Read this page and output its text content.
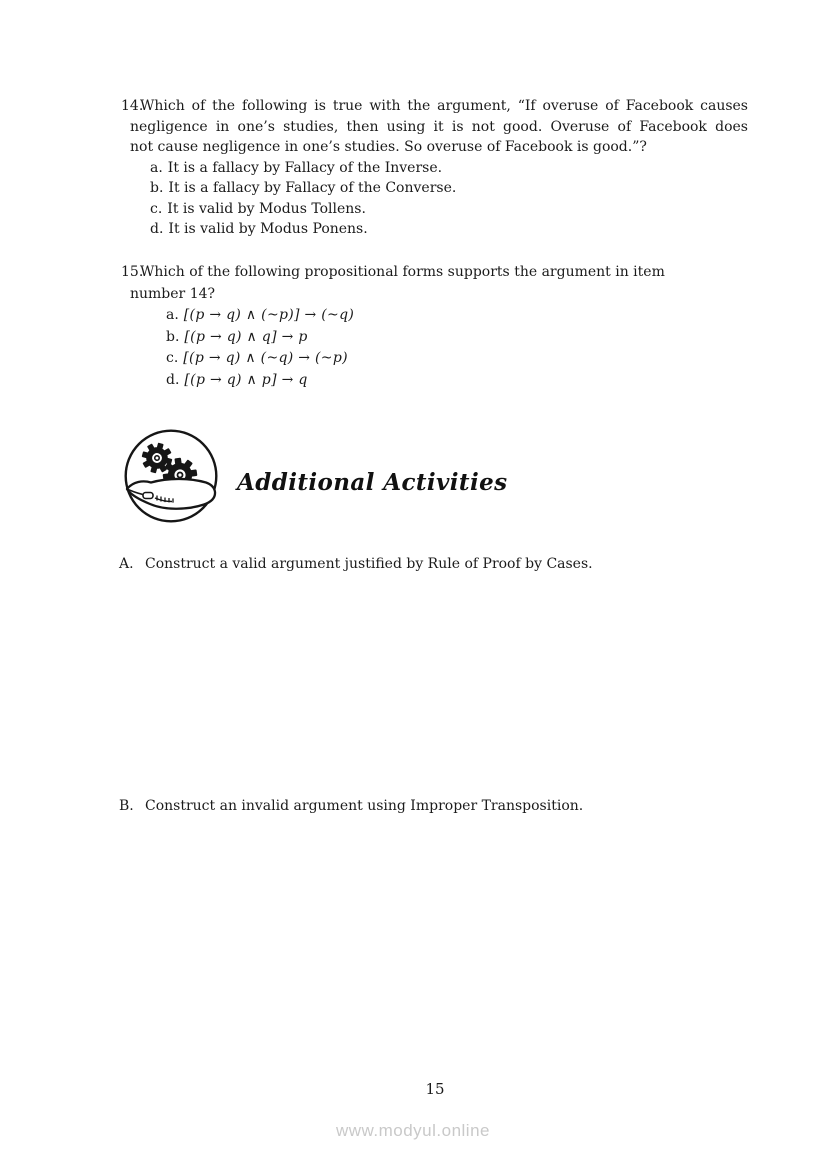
14.
Which of the following is true with the argument, “If overuse of Facebook causes
negligence in one’s studies, then using it is not good. Overuse of Facebook does
not cause negligence in one’s studies. So overuse of Facebook is good.”?
a. It is a fallacy by Fallacy of the Inverse.
b. It is a fallacy by Fallacy of the Converse.
c. It is valid by Modus Tollens.
d. It is valid by Modus Ponens.
15.
Which of the following propositional forms supports the argument in item
number 14?
a. [(p → q) ∧ (~p)] → (~q)
b. [(p → q) ∧ q] → p
c. [(p → q) ∧ (~q) → (~p)
d. [(p → q) ∧ p] → q
Additional Activities
A. Construct a valid argument justified by Rule of Proof by Cases.
B. Construct an invalid argument using Improper Transposition.
15
www.modyul.online
